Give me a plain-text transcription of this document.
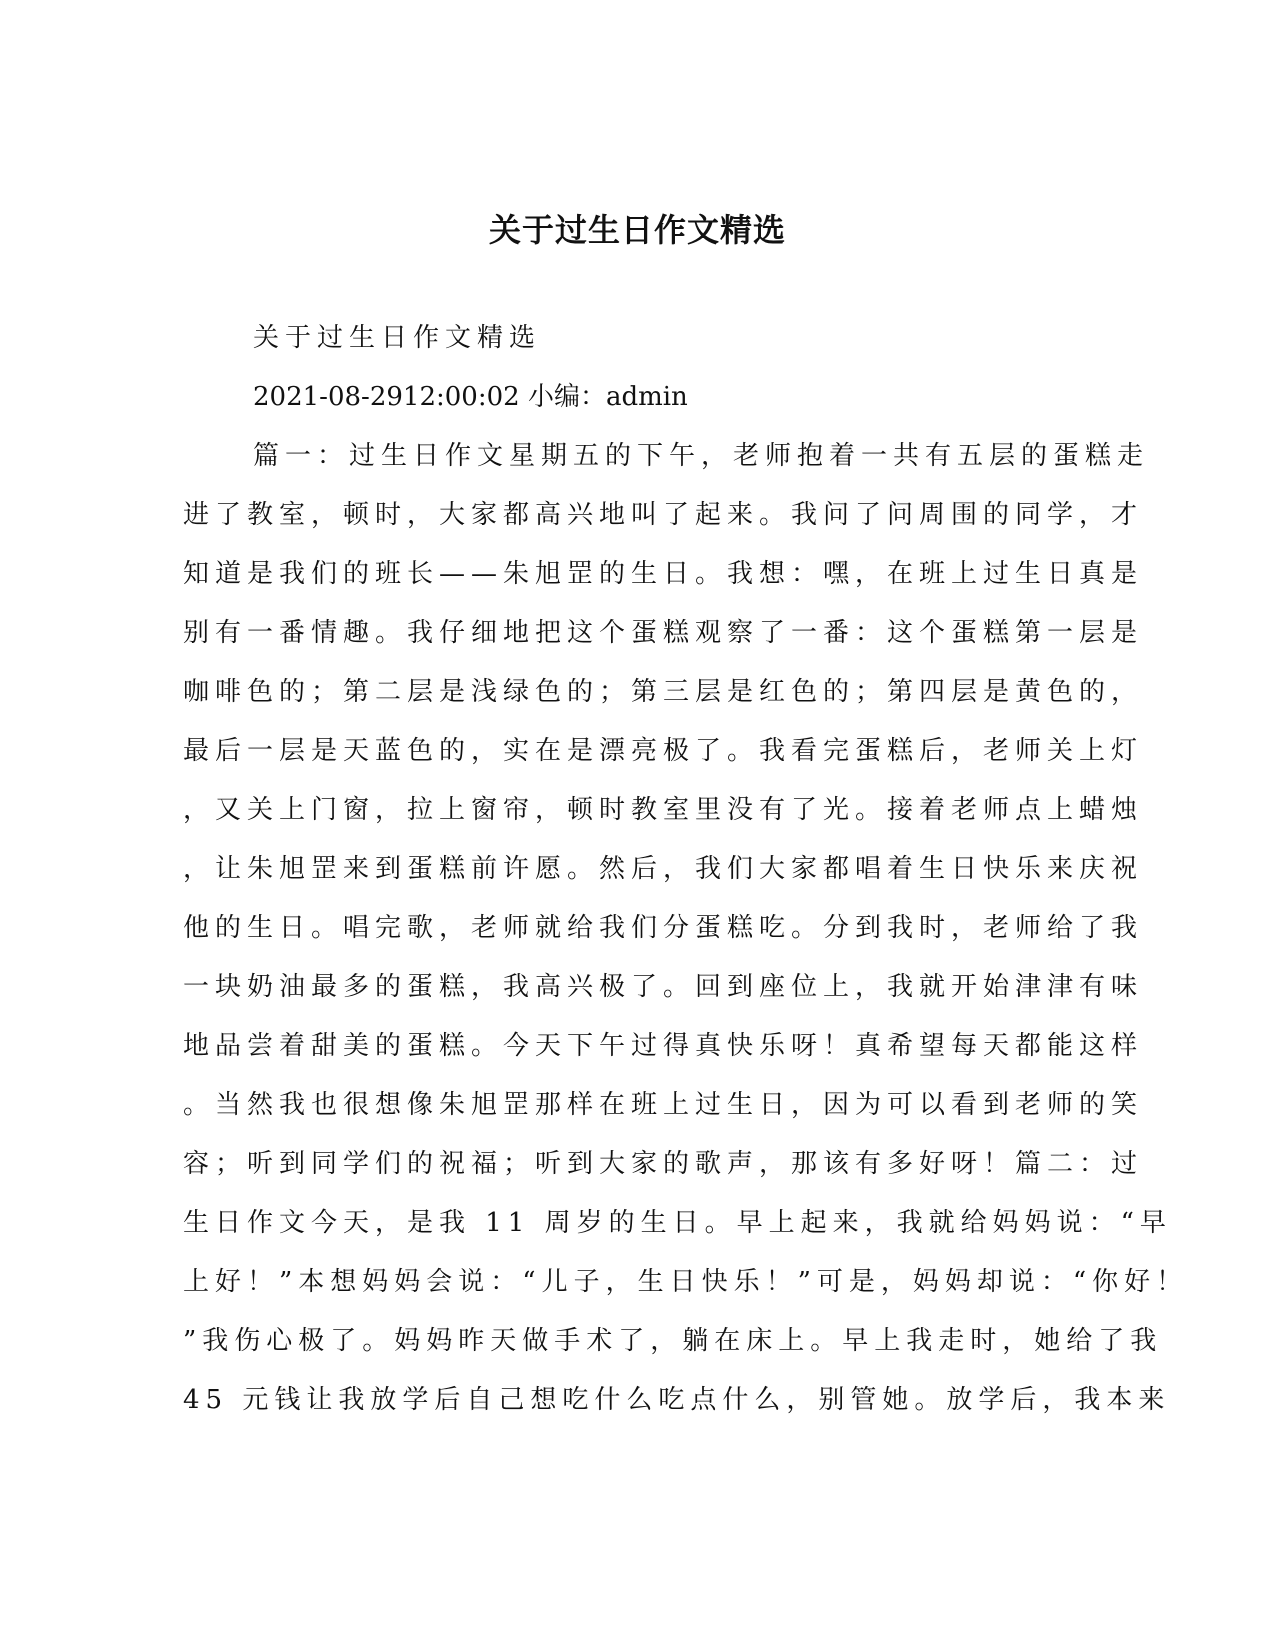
关于过生日作文精选
关于过生日作文精选
2021-08-2912:00:02 小编：admin
篇一：过生日作文星期五的下午，老师抱着一共有五层的蛋糕走
进了教室，顿时，大家都高兴地叫了起来。我问了问周围的同学，才
知道是我们的班长——朱旭罡的生日。我想：嘿，在班上过生日真是
别有一番情趣。我仔细地把这个蛋糕观察了一番：这个蛋糕第一层是
咖啡色的；第二层是浅绿色的；第三层是红色的；第四层是黄色的，
最后一层是天蓝色的，实在是漂亮极了。我看完蛋糕后，老师关上灯
，又关上门窗，拉上窗帘，顿时教室里没有了光。接着老师点上蜡烛
，让朱旭罡来到蛋糕前许愿。然后，我们大家都唱着生日快乐来庆祝
他的生日。唱完歌，老师就给我们分蛋糕吃。分到我时，老师给了我
一块奶油最多的蛋糕，我高兴极了。回到座位上，我就开始津津有味
地品尝着甜美的蛋糕。今天下午过得真快乐呀！真希望每天都能这样
。当然我也很想像朱旭罡那样在班上过生日，因为可以看到老师的笑
容；听到同学们的祝福；听到大家的歌声，那该有多好呀！篇二：过
生日作文今天，是我 11 周岁的生日。早上起来，我就给妈妈说：“早
上好！”本想妈妈会说：“儿子，生日快乐！”可是，妈妈却说：“你好！
”我伤心极了。妈妈昨天做手术了，躺在床上。早上我走时，她给了我
45 元钱让我放学后自己想吃什么吃点什么，别管她。放学后，我本来
